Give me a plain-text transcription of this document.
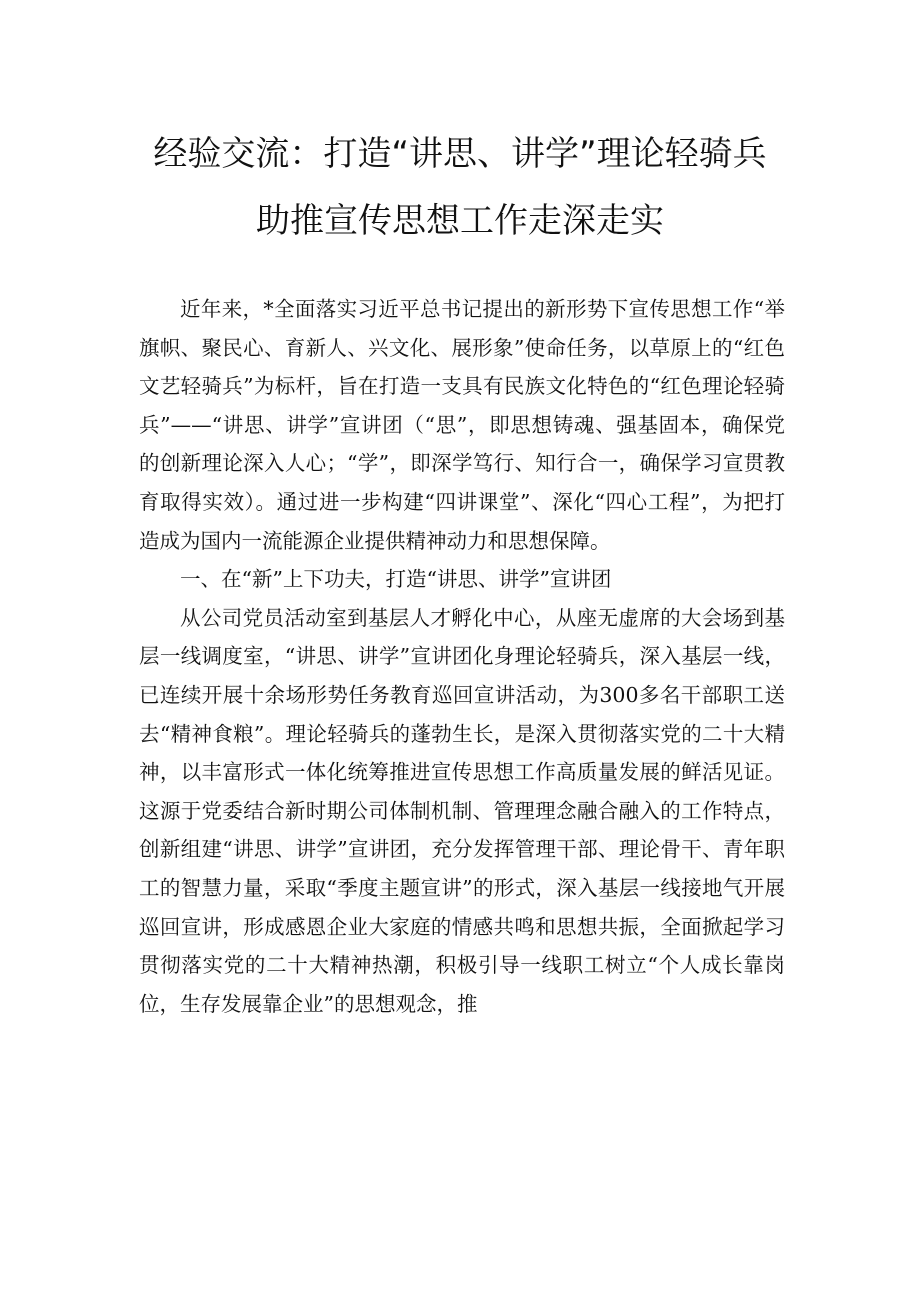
经验交流：打造“讲思、讲学”理论轻骑兵
助推宣传思想工作走深走实

近年来，*全面落实习近平总书记提出的新形势下宣传思想工作“举旗帜、聚民心、育新人、兴文化、展形象”使命任务，以草原上的“红色文艺轻骑兵”为标杆，旨在打造一支具有民族文化特色的“红色理论轻骑兵”——“讲思、讲学”宣讲团（“思”，即思想铸魂、强基固本，确保党的创新理论深入人心；“学”，即深学笃行、知行合一，确保学习宣贯教育取得实效）。通过进一步构建“四讲课堂”、深化“四心工程”，为把打造成为国内一流能源企业提供精神动力和思想保障。

一、在“新”上下功夫，打造“讲思、讲学”宣讲团

从公司党员活动室到基层人才孵化中心，从座无虚席的大会场到基层一线调度室，“讲思、讲学”宣讲团化身理论轻骑兵，深入基层一线，已连续开展十余场形势任务教育巡回宣讲活动，为300多名干部职工送去“精神食粮”。理论轻骑兵的蓬勃生长，是深入贯彻落实党的二十大精神，以丰富形式一体化统筹推进宣传思想工作高质量发展的鲜活见证。这源于党委结合新时期公司体制机制、管理理念融合融入的工作特点，创新组建“讲思、讲学”宣讲团，充分发挥管理干部、理论骨干、青年职工的智慧力量，采取“季度主题宣讲”的形式，深入基层一线接地气开展巡回宣讲，形成感恩企业大家庭的情感共鸣和思想共振，全面掀起学习贯彻落实党的二十大精神热潮，积极引导一线职工树立“个人成长靠岗位，生存发展靠企业”的思想观念，推
